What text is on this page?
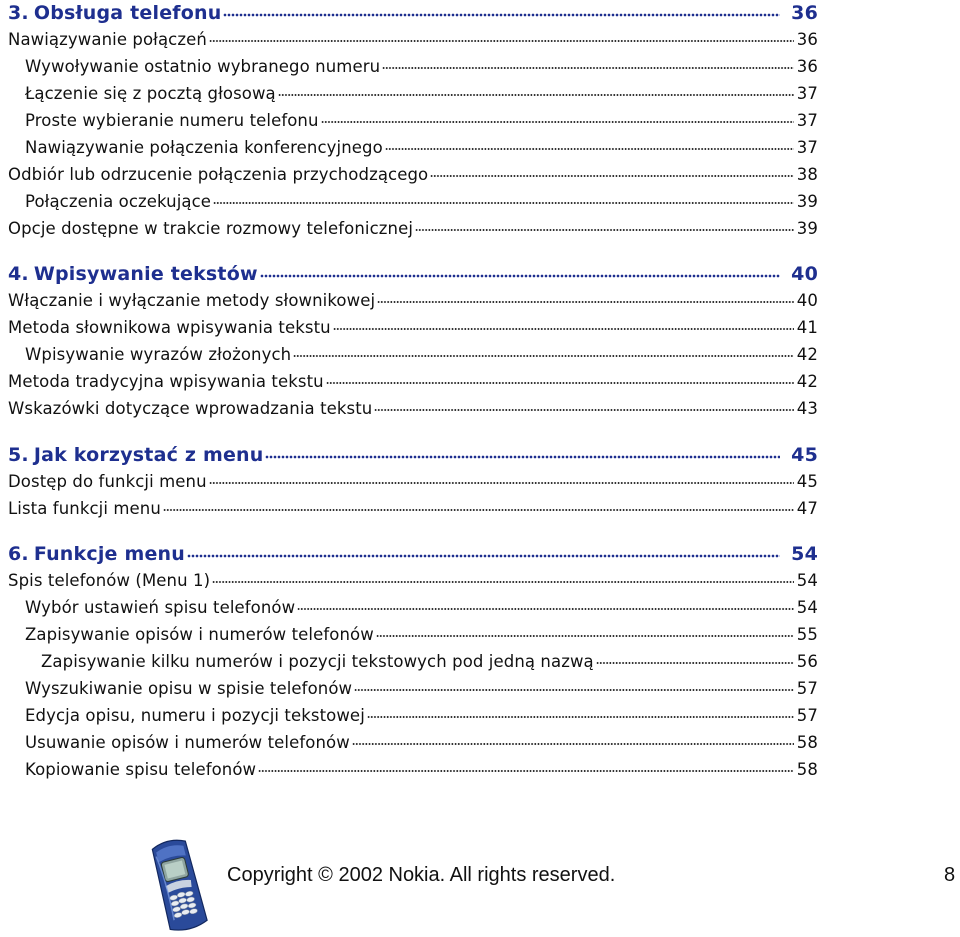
3. Obsługa telefonu	36
Nawiązywanie połączeń	36
Wywoływanie ostatnio wybranego numeru	36
Łączenie się z pocztą głosową	37
Proste wybieranie numeru telefonu	37
Nawiązywanie połączenia konferencyjnego	37
Odbiór lub odrzucenie połączenia przychodzącego	38
Połączenia oczekujące	39
Opcje dostępne w trakcie rozmowy telefonicznej	39
4. Wpisywanie tekstów	40
Włączanie i wyłączanie metody słownikowej	40
Metoda słownikowa wpisywania tekstu	41
Wpisywanie wyrazów złożonych	42
Metoda tradycyjna wpisywania tekstu	42
Wskazówki dotyczące wprowadzania tekstu	43
5. Jak korzystać z menu	45
Dostęp do funkcji menu	45
Lista funkcji menu	47
6. Funkcje menu	54
Spis telefonów (Menu 1)	54
Wybór ustawień spisu telefonów	54
Zapisywanie opisów i numerów telefonów	55
Zapisywanie kilku numerów i pozycji tekstowych pod jedną nazwą	56
Wyszukiwanie opisu w spisie telefonów	57
Edycja opisu, numeru i pozycji tekstowej	57
Usuwanie opisów i numerów telefonów	58
Kopiowanie spisu telefonów	58
Copyright © 2002 Nokia. All rights reserved.	8
